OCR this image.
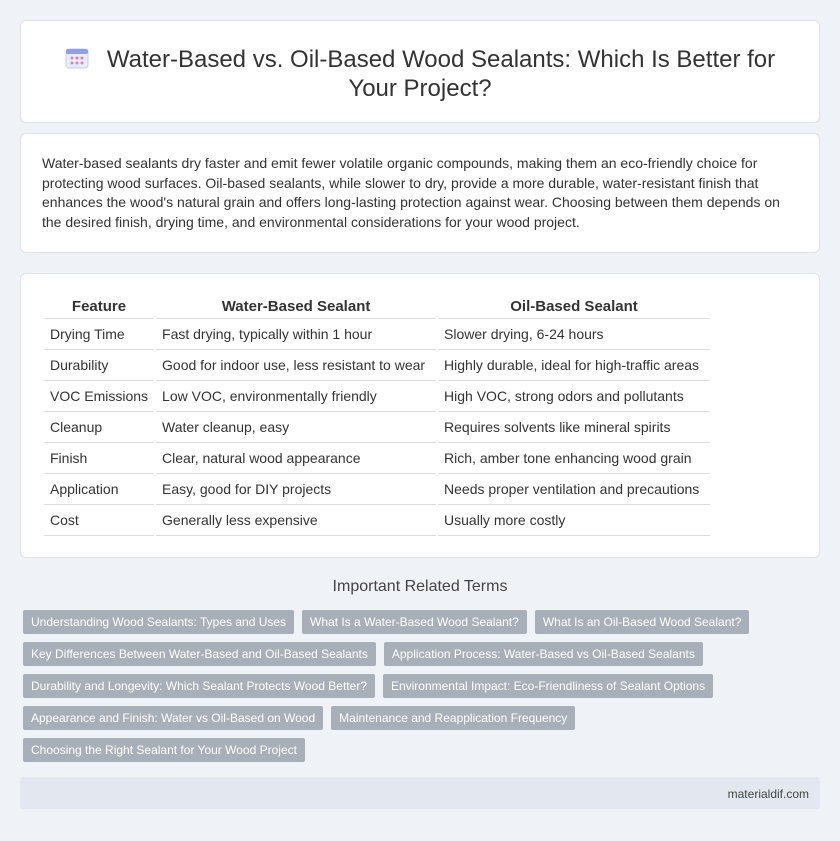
Water-Based vs. Oil-Based Wood Sealants: Which Is Better for
Your Project?

Water-based sealants dry faster and emit fewer volatile organic compounds, making them an eco-friendly choice for protecting wood surfaces. Oil-based sealants, while slower to dry, provide a more durable, water-resistant finish that enhances the wood's natural grain and offers long-lasting protection against wear. Choosing between them depends on the desired finish, drying time, and environmental considerations for your wood project.

Feature	Water-Based Sealant	Oil-Based Sealant
Drying Time	Fast drying, typically within 1 hour	Slower drying, 6-24 hours
Durability	Good for indoor use, less resistant to wear	Highly durable, ideal for high-traffic areas
VOC Emissions	Low VOC, environmentally friendly	High VOC, strong odors and pollutants
Cleanup	Water cleanup, easy	Requires solvents like mineral spirits
Finish	Clear, natural wood appearance	Rich, amber tone enhancing wood grain
Application	Easy, good for DIY projects	Needs proper ventilation and precautions
Cost	Generally less expensive	Usually more costly
Important Related Terms
Understanding Wood Sealants: Types and Uses	What Is a Water-Based Wood Sealant?	What Is an Oil-Based Wood Sealant?
Key Differences Between Water-Based and Oil-Based Sealants	Application Process: Water-Based vs Oil-Based Sealants
Durability and Longevity: Which Sealant Protects Wood Better?	Environmental Impact: Eco-Friendliness of Sealant Options
Appearance and Finish: Water vs Oil-Based on Wood	Maintenance and Reapplication Frequency
Choosing the Right Sealant for Your Wood Project
materialdif.com
